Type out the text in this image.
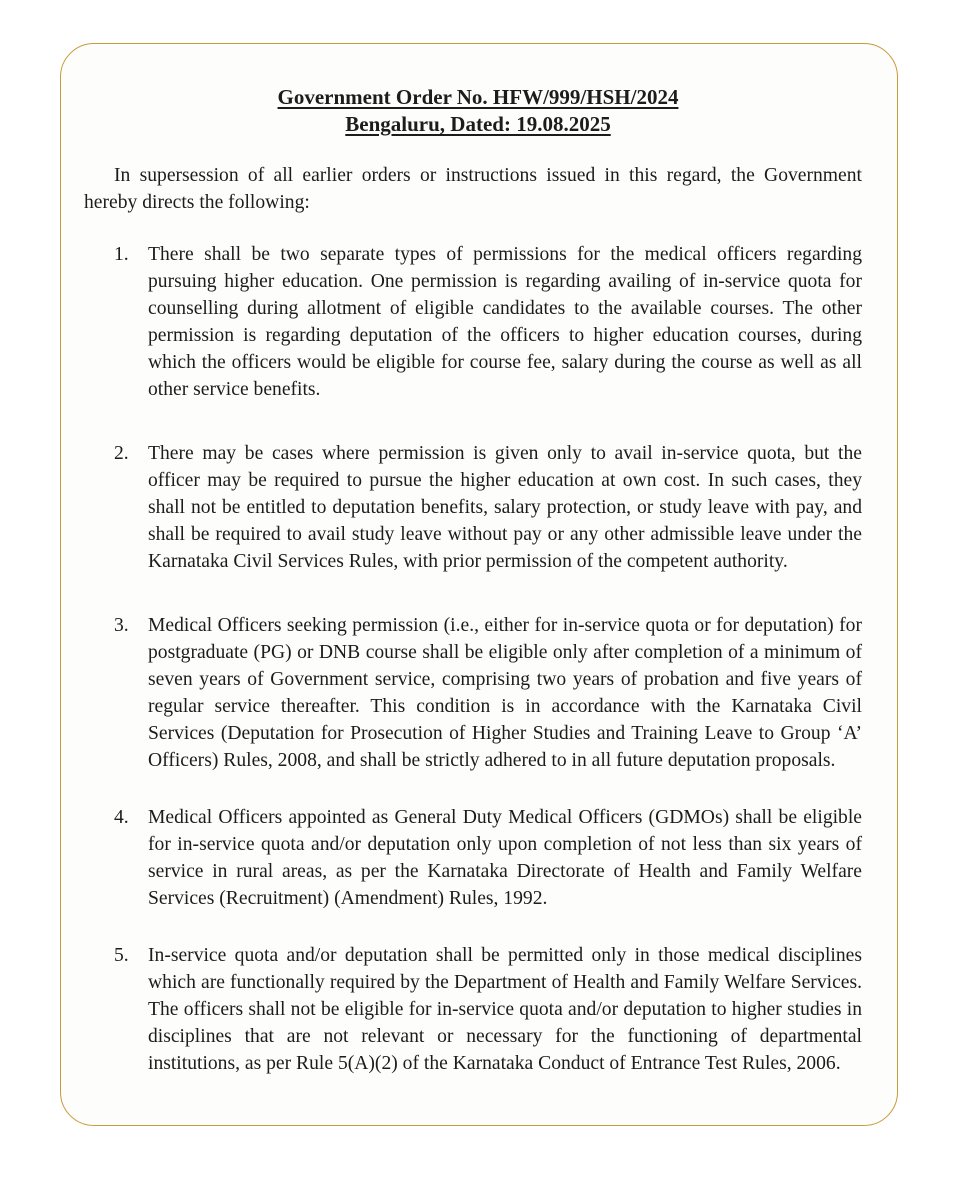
Government Order No. HFW/999/HSH/2024
Bengaluru, Dated: 19.08.2025

In supersession of all earlier orders or instructions issued in this regard, the Government hereby directs the following:

1. There shall be two separate types of permissions for the medical officers regarding pursuing higher education. One permission is regarding availing of in-service quota for counselling during allotment of eligible candidates to the available courses. The other permission is regarding deputation of the officers to higher education courses, during which the officers would be eligible for course fee, salary during the course as well as all other service benefits.
2. There may be cases where permission is given only to avail in-service quota, but the officer may be required to pursue the higher education at own cost. In such cases, they shall not be entitled to deputation benefits, salary protection, or study leave with pay, and shall be required to avail study leave without pay or any other admissible leave under the Karnataka Civil Services Rules, with prior permission of the competent authority.
3. Medical Officers seeking permission (i.e., either for in-service quota or for deputation) for postgraduate (PG) or DNB course shall be eligible only after completion of a minimum of seven years of Government service, comprising two years of probation and five years of regular service thereafter. This condition is in accordance with the Karnataka Civil Services (Deputation for Prosecution of Higher Studies and Training Leave to Group ‘A’ Officers) Rules, 2008, and shall be strictly adhered to in all future deputation proposals.
4. Medical Officers appointed as General Duty Medical Officers (GDMOs) shall be eligible for in-service quota and/or deputation only upon completion of not less than six years of service in rural areas, as per the Karnataka Directorate of Health and Family Welfare Services (Recruitment) (Amendment) Rules, 1992.
5. In-service quota and/or deputation shall be permitted only in those medical disciplines which are functionally required by the Department of Health and Family Welfare Services. The officers shall not be eligible for in-service quota and/or deputation to higher studies in disciplines that are not relevant or necessary for the functioning of departmental institutions, as per Rule 5(A)(2) of the Karnataka Conduct of Entrance Test Rules, 2006.
